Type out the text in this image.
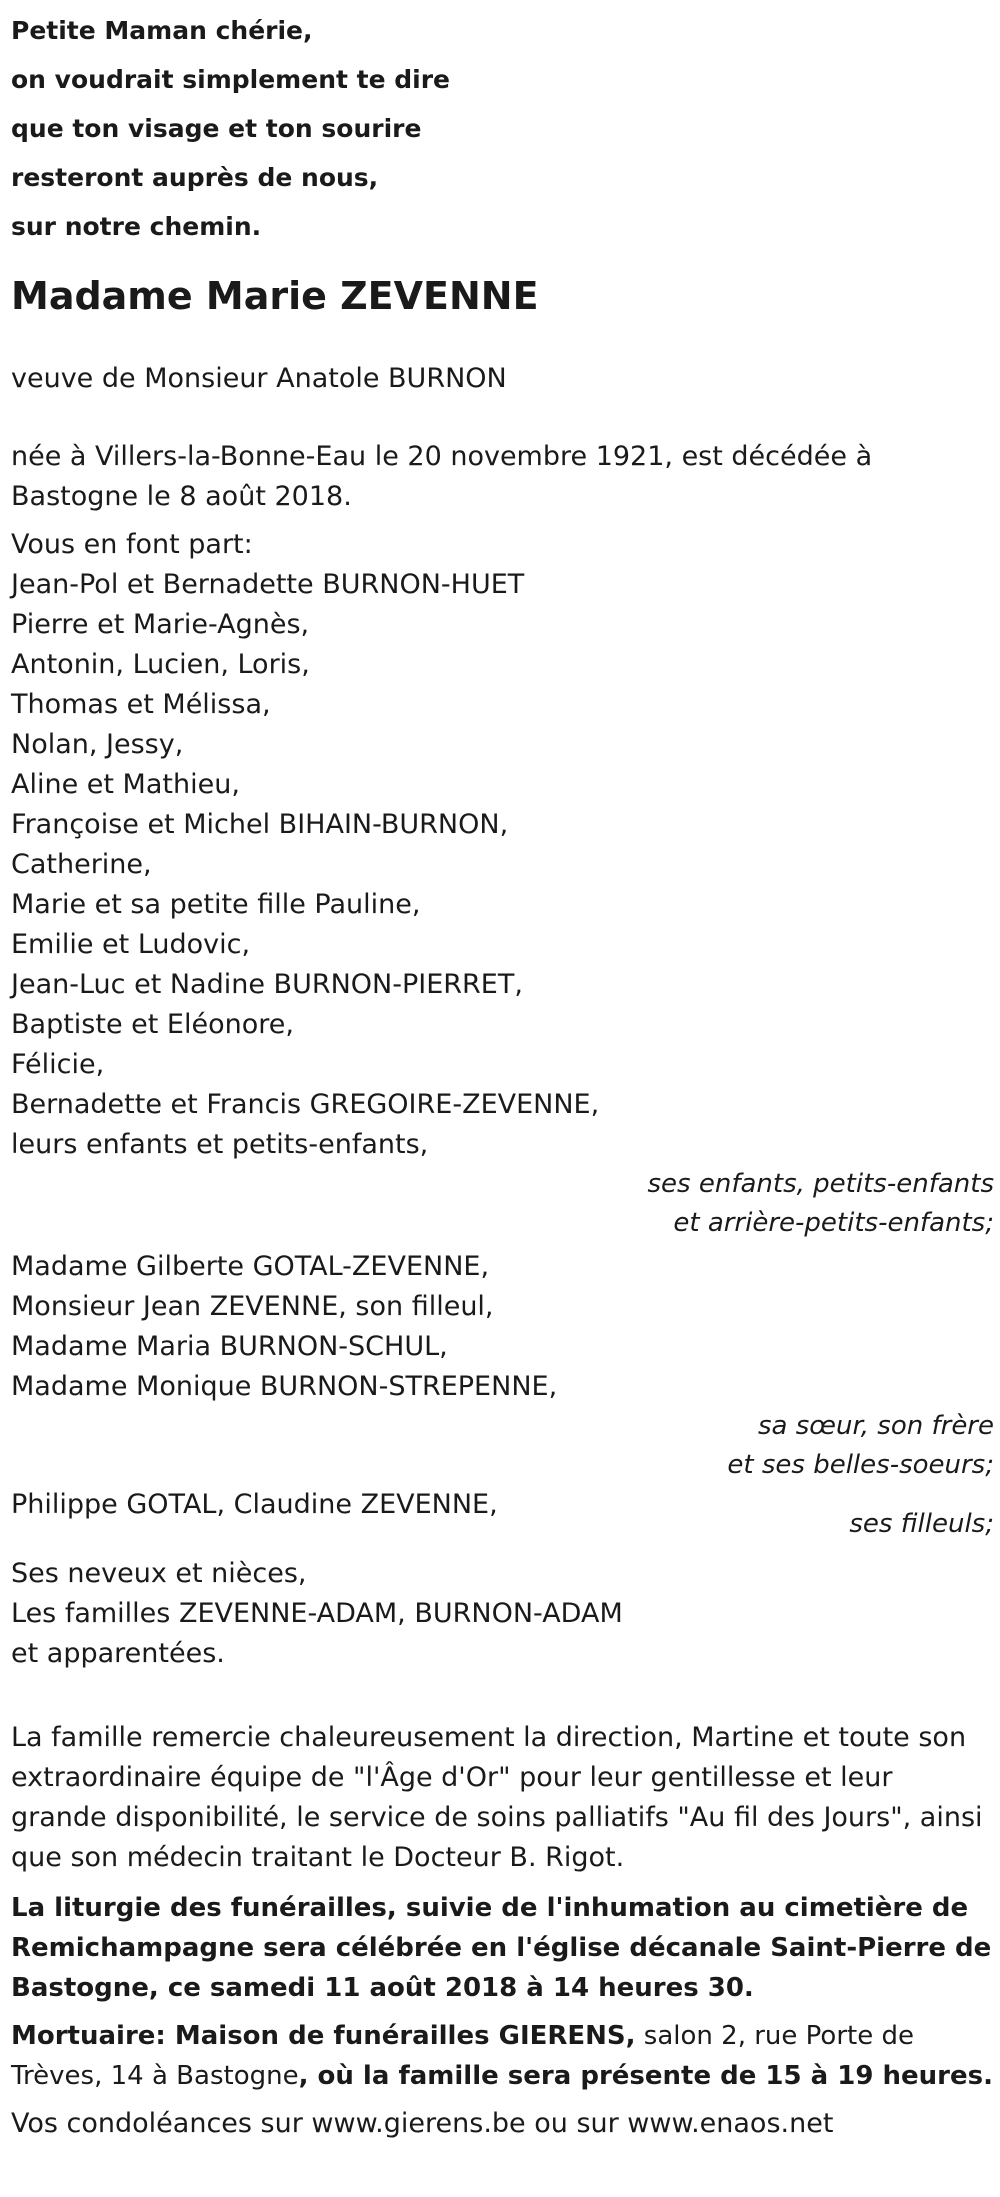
Petite Maman chérie,
on voudrait simplement te dire
que ton visage et ton sourire
resteront auprès de nous,
sur notre chemin.
Madame Marie ZEVENNE
veuve de Monsieur Anatole BURNON
née à Villers-la-Bonne-Eau le 20 novembre 1921, est décédée à Bastogne le 8 août 2018.
Vous en font part:
Jean-Pol et Bernadette BURNON-HUET
Pierre et Marie-Agnès,
Antonin, Lucien, Loris,
Thomas et Mélissa,
Nolan, Jessy,
Aline et Mathieu,
Françoise et Michel BIHAIN-BURNON,
Catherine,
Marie et sa petite fille Pauline,
Emilie et Ludovic,
Jean-Luc et Nadine BURNON-PIERRET,
Baptiste et Eléonore,
Félicie,
Bernadette et Francis GREGOIRE-ZEVENNE,
leurs enfants et petits-enfants,
ses enfants, petits-enfants
et arrière-petits-enfants;
Madame Gilberte GOTAL-ZEVENNE,
Monsieur Jean ZEVENNE, son filleul,
Madame Maria BURNON-SCHUL,
Madame Monique BURNON-STREPENNE,
sa sœur, son frère
et ses belles-soeurs;
Philippe GOTAL, Claudine ZEVENNE,
ses filleuls;
Ses neveux et nièces,
Les familles ZEVENNE-ADAM, BURNON-ADAM
et apparentées.
La famille remercie chaleureusement la direction, Martine et toute son extraordinaire équipe de "l'Âge d'Or" pour leur gentillesse et leur grande disponibilité, le service de soins palliatifs "Au fil des Jours", ainsi que son médecin traitant le Docteur B. Rigot.
La liturgie des funérailles, suivie de l'inhumation au cimetière de Remichampagne sera célébrée en l'église décanale Saint-Pierre de Bastogne, ce samedi 11 août 2018 à 14 heures 30.
Mortuaire: Maison de funérailles GIERENS, salon 2, rue Porte de Trèves, 14 à Bastogne, où la famille sera présente de 15 à 19 heures.
Vos condoléances sur www.gierens.be ou sur www.enaos.net
